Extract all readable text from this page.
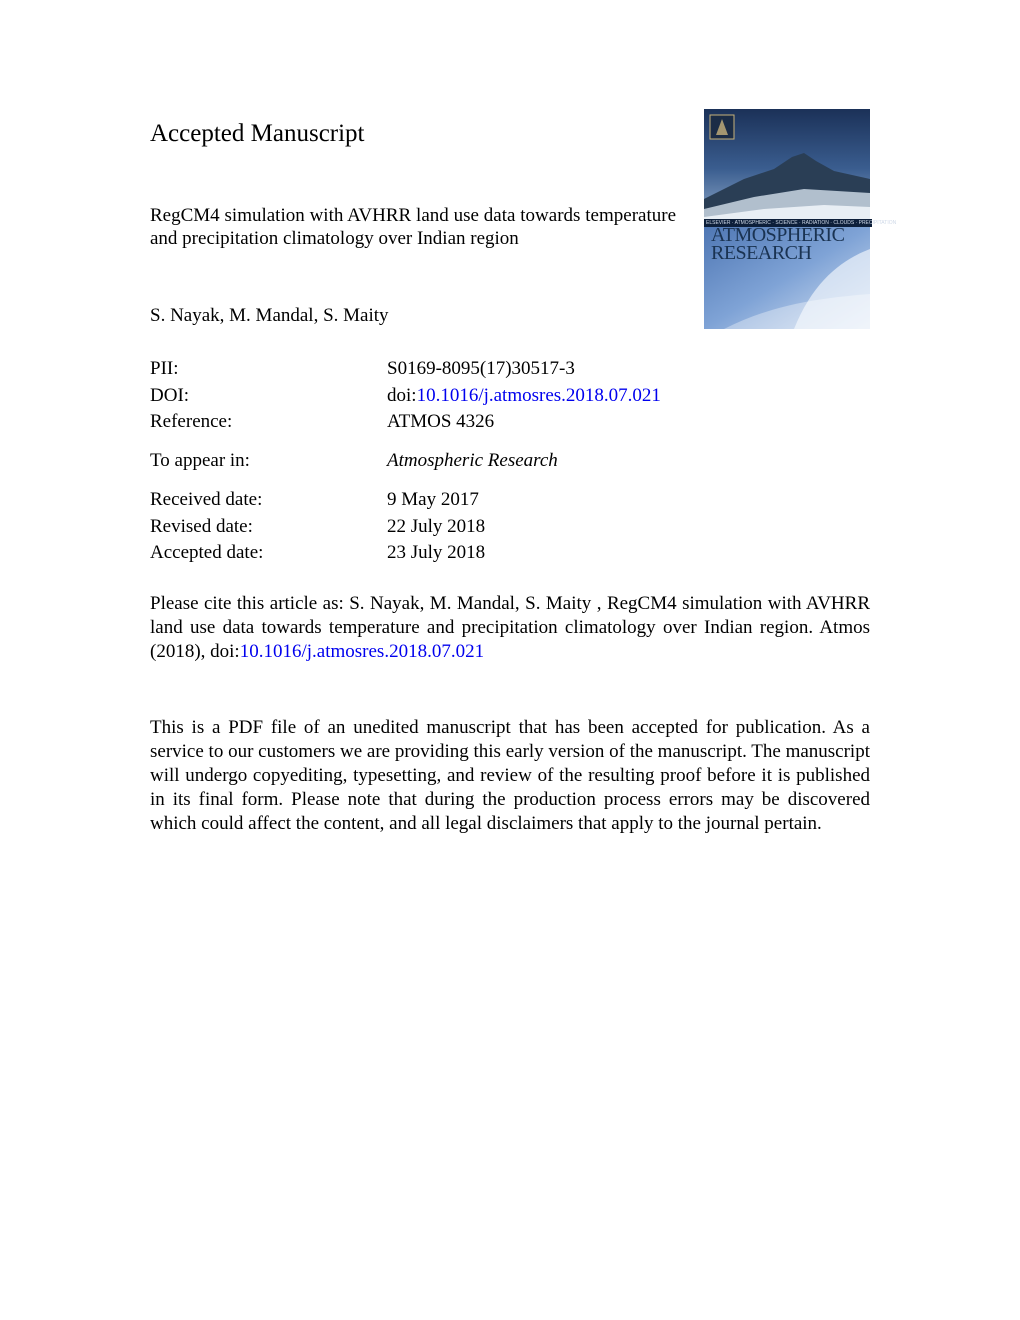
Accepted Manuscript

RegCM4 simulation with AVHRR land use data towards temperature and precipitation climatology over Indian region

S. Nayak, M. Mandal, S. Maity

ELSEVIER · ATMOSPHERIC · SCIENCE · RADIATION · CLOUDS · PRECIPITATION
ATMOSPHERIC
RESEARCH
PII:	S0169-8095(17)30517-3
DOI:	doi:10.1016/j.atmosres.2018.07.021
Reference:	ATMOS 4326
To appear in:	Atmospheric Research
Received date:	9 May 2017
Revised date:	22 July 2018
Accepted date:	23 July 2018

Please cite this article as: S. Nayak, M. Mandal, S. Maity , RegCM4 simulation with AVHRR land use data towards temperature and precipitation climatology over Indian region. Atmos (2018), doi:10.1016/j.atmosres.2018.07.021

This is a PDF file of an unedited manuscript that has been accepted for publication. As a service to our customers we are providing this early version of the manuscript. The manuscript will undergo copyediting, typesetting, and review of the resulting proof before it is published in its final form. Please note that during the production process errors may be discovered which could affect the content, and all legal disclaimers that apply to the journal pertain.
